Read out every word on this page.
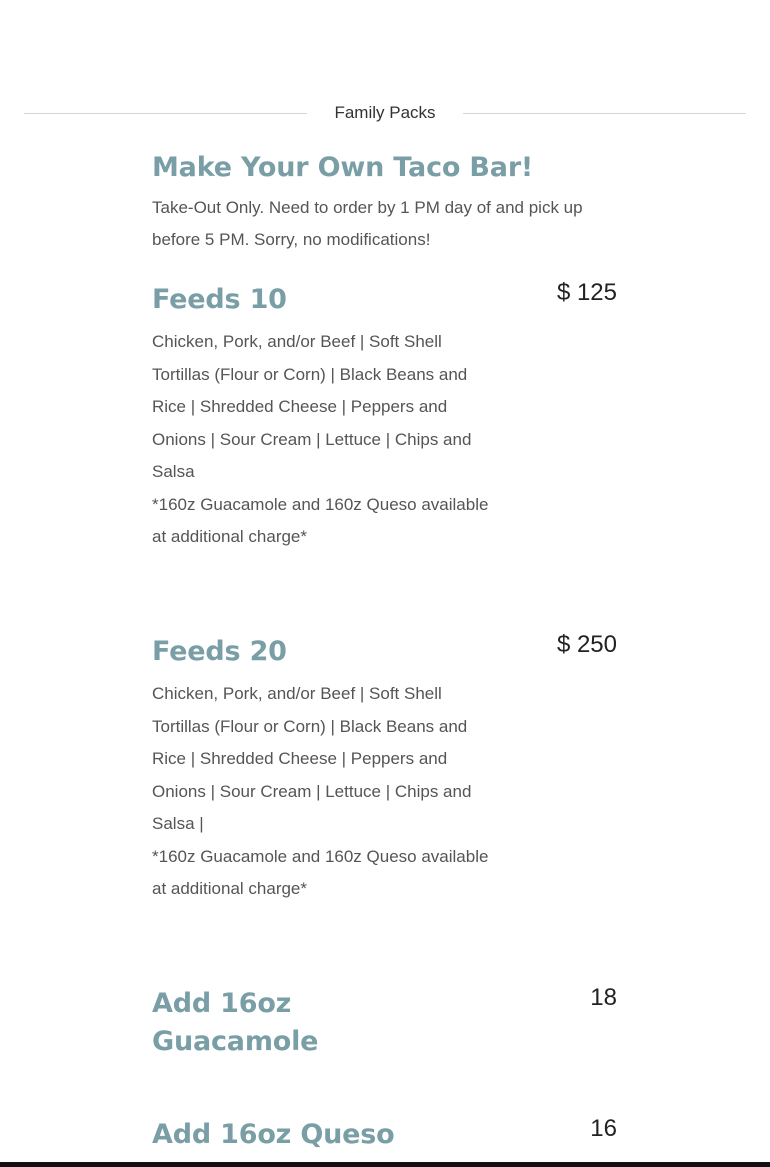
Family Packs
Make Your Own Taco Bar!
Take-Out Only. Need to order by 1 PM day of and pick up before 5 PM. Sorry, no modifications!
Feeds 10	$ 125

Chicken, Pork, and/or Beef | Soft Shell Tortillas (Flour or Corn) | Black Beans and Rice | Shredded Cheese | Peppers and Onions | Sour Cream | Lettuce | Chips and Salsa

*160z Guacamole and 160z Queso available at additional charge*

Feeds 20	$ 250

Chicken, Pork, and/or Beef | Soft Shell Tortillas (Flour or Corn) | Black Beans and Rice | Shredded Cheese | Peppers and Onions | Sour Cream | Lettuce | Chips and Salsa |

*160z Guacamole and 160z Queso available at additional charge*

Add 16oz Guacamole
18
Add 16oz Queso	16
